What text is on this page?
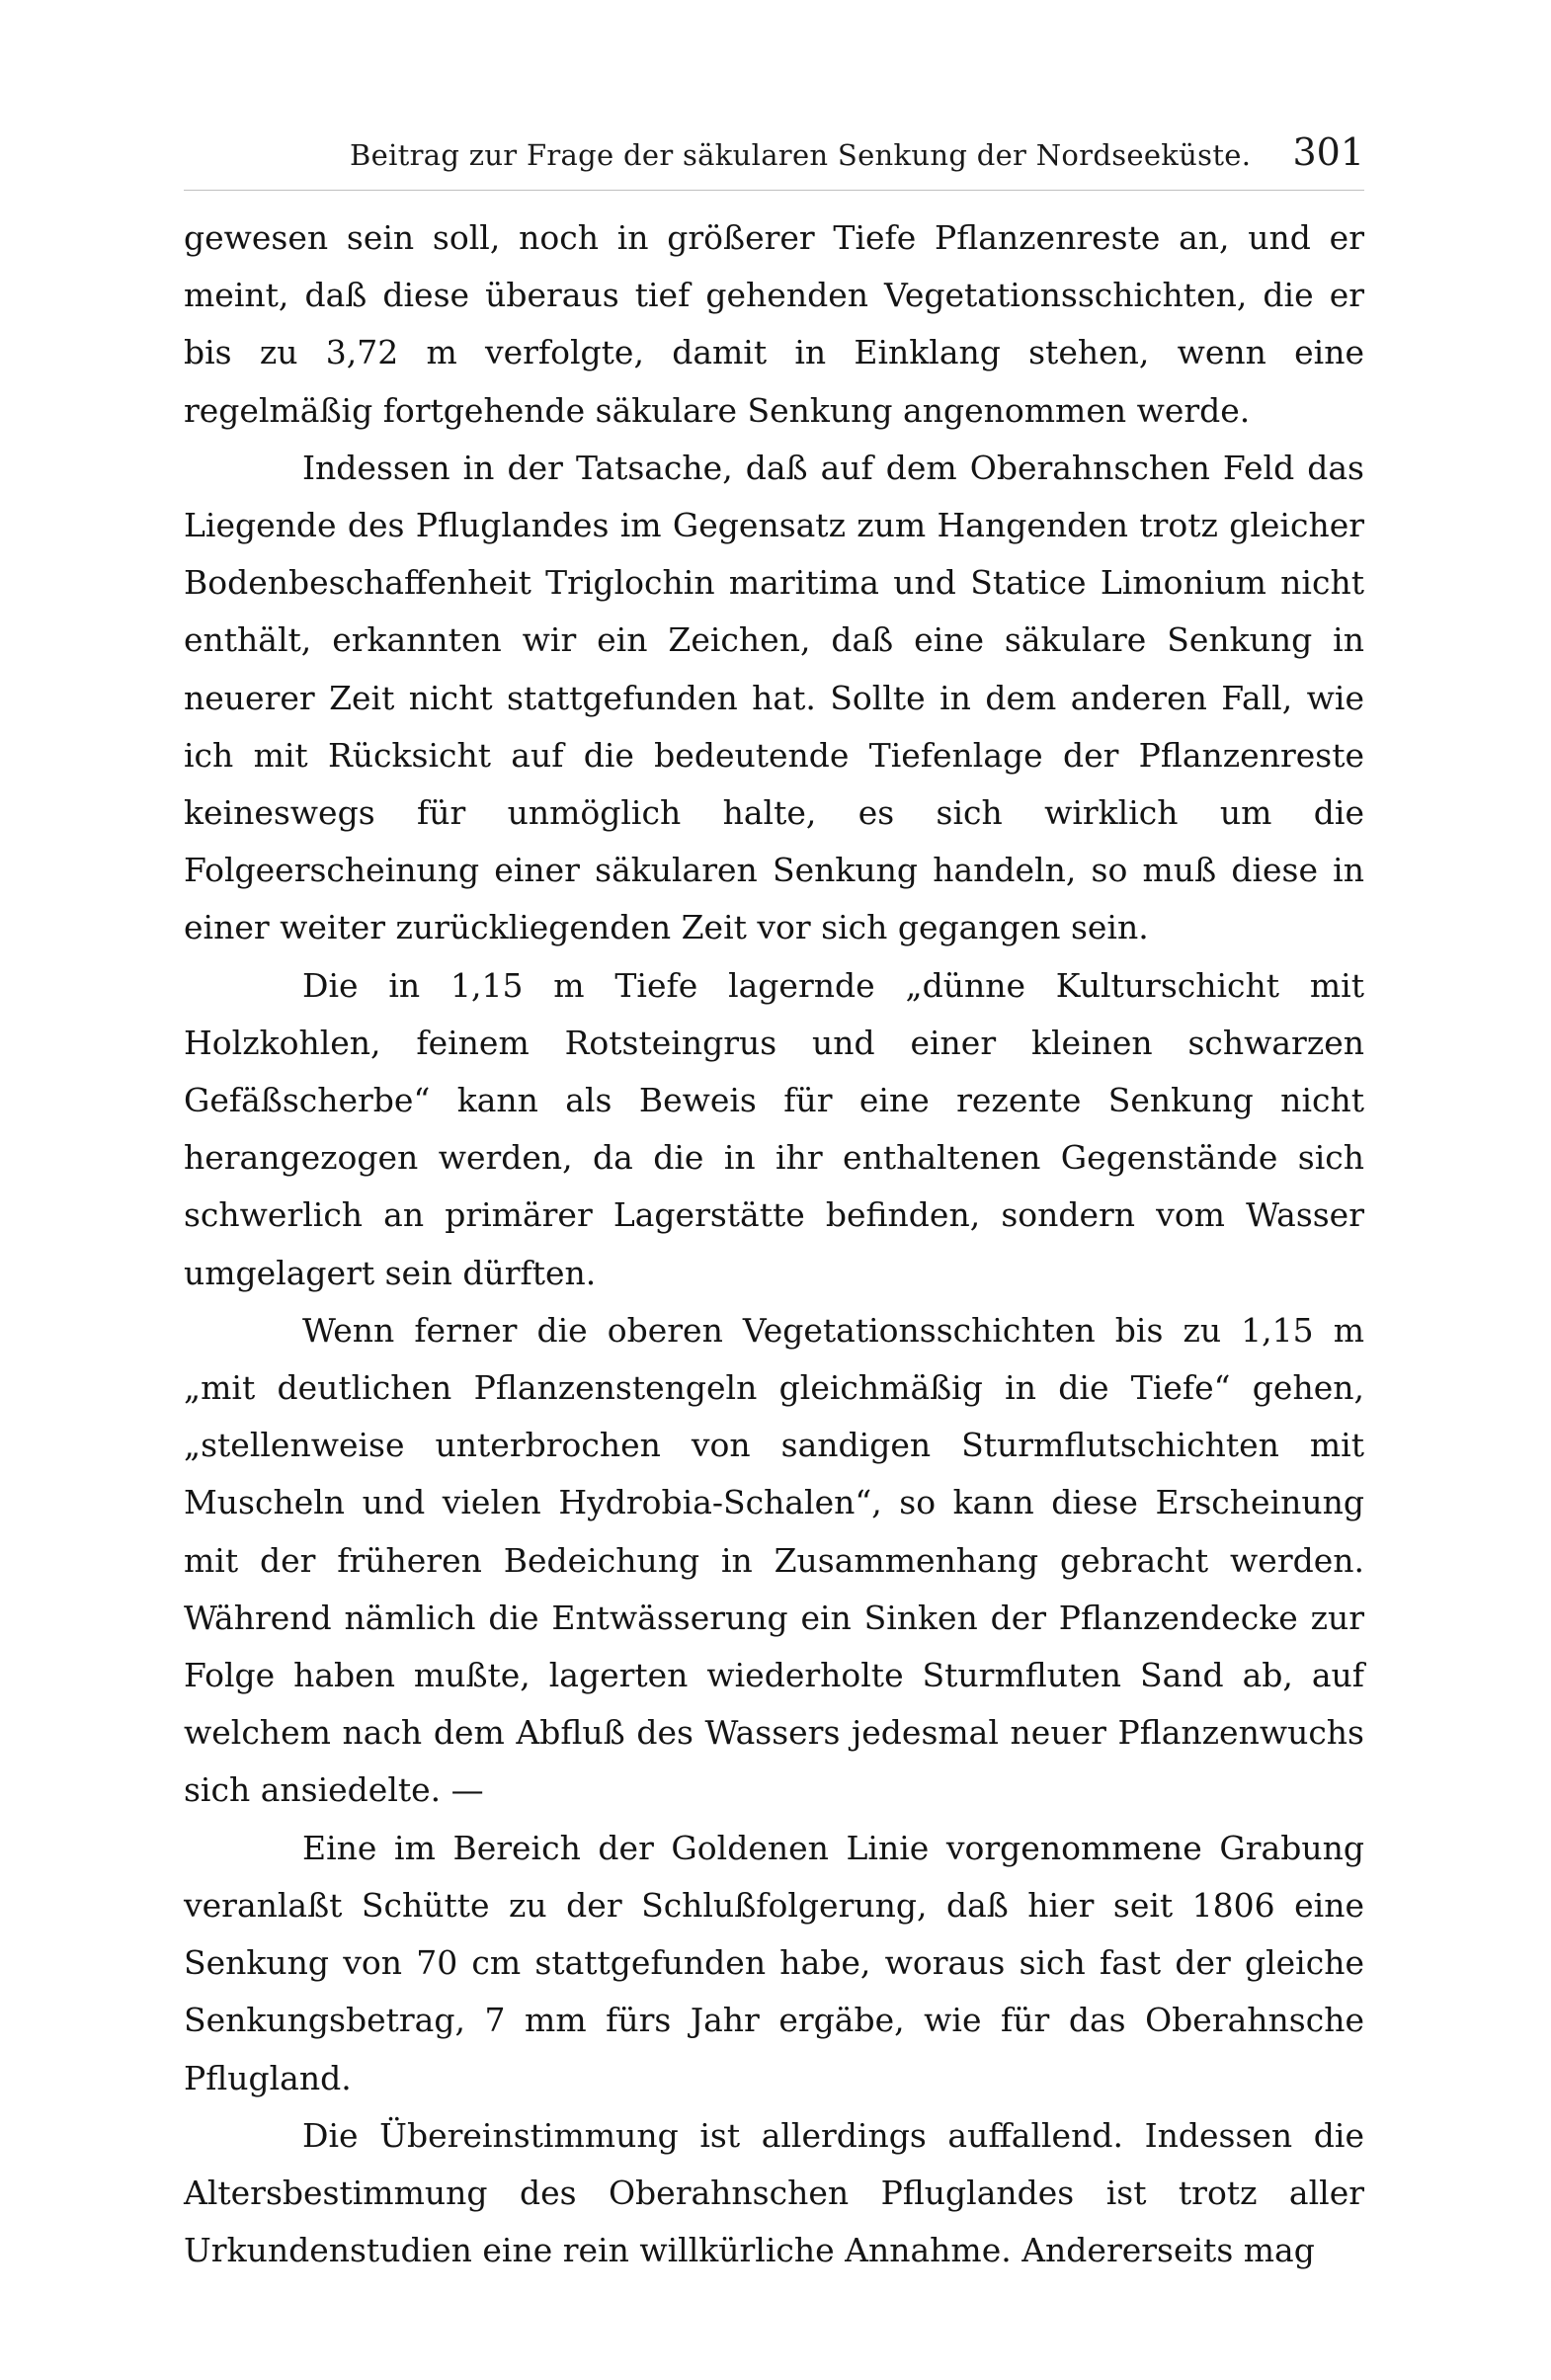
Beitrag zur Frage der säkularen Senkung der Nordseeküste. 301

gewesen sein soll, noch in größerer Tiefe Pflanzenreste an, und er meint, daß diese überaus tief gehenden Vegetationsschichten, die er bis zu 3,72 m verfolgte, damit in Einklang stehen, wenn eine regelmäßig fortgehende säkulare Senkung angenommen werde.

Indessen in der Tatsache, daß auf dem Oberahnschen Feld das Liegende des Pfluglandes im Gegensatz zum Hangenden trotz gleicher Bodenbeschaffenheit Triglochin maritima und Statice Limonium nicht enthält, erkannten wir ein Zeichen, daß eine säkulare Senkung in neuerer Zeit nicht stattgefunden hat. Sollte in dem anderen Fall, wie ich mit Rücksicht auf die bedeutende Tiefenlage der Pflanzenreste keineswegs für unmöglich halte, es sich wirklich um die Folgeerscheinung einer säkularen Senkung handeln, so muß diese in einer weiter zurückliegenden Zeit vor sich gegangen sein.

Die in 1,15 m Tiefe lagernde „dünne Kulturschicht mit Holzkohlen, feinem Rotsteingrus und einer kleinen schwarzen Gefäßscherbe“ kann als Beweis für eine rezente Senkung nicht herangezogen werden, da die in ihr enthaltenen Gegenstände sich schwerlich an primärer Lagerstätte befinden, sondern vom Wasser umgelagert sein dürften.

Wenn ferner die oberen Vegetationsschichten bis zu 1,15 m „mit deutlichen Pflanzenstengeln gleichmäßig in die Tiefe“ gehen, „stellenweise unterbrochen von sandigen Sturmflutschichten mit Muscheln und vielen Hydrobia-Schalen“, so kann diese Erscheinung mit der früheren Bedeichung in Zusammenhang gebracht werden. Während nämlich die Entwässerung ein Sinken der Pflanzendecke zur Folge haben mußte, lagerten wiederholte Sturmfluten Sand ab, auf welchem nach dem Abfluß des Wassers jedesmal neuer Pflanzenwuchs sich ansiedelte. —

Eine im Bereich der Goldenen Linie vorgenommene Grabung veranlaßt Schütte zu der Schlußfolgerung, daß hier seit 1806 eine Senkung von 70 cm stattgefunden habe, woraus sich fast der gleiche Senkungsbetrag, 7 mm fürs Jahr ergäbe, wie für das Oberahnsche Pflugland.

Die Übereinstimmung ist allerdings auffallend. Indessen die Altersbestimmung des Oberahnschen Pfluglandes ist trotz aller Urkundenstudien eine rein willkürliche Annahme. Andererseits mag
